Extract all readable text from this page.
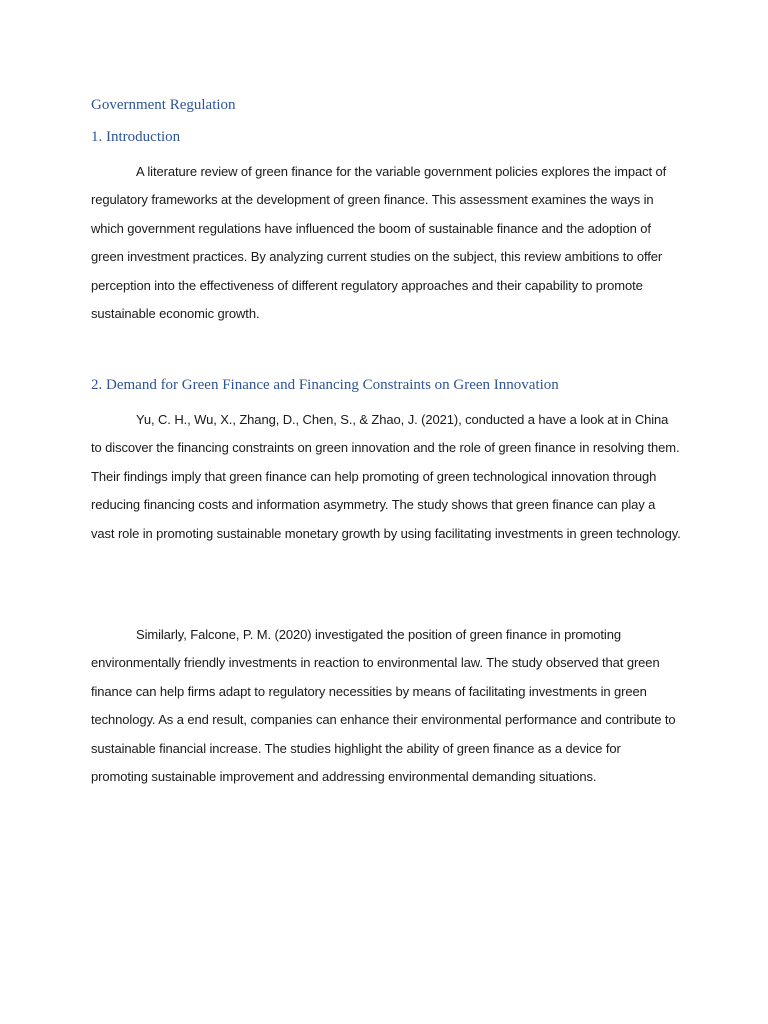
Government Regulation
1. Introduction

A literature review of green finance for the variable government policies explores the impact of regulatory frameworks at the development of green finance. This assessment examines the ways in which government regulations have influenced the boom of sustainable finance and the adoption of green investment practices. By analyzing current studies on the subject, this review ambitions to offer perception into the effectiveness of different regulatory approaches and their capability to promote sustainable economic growth.

2. Demand for Green Finance and Financing Constraints on Green Innovation

Yu, C. H., Wu, X., Zhang, D., Chen, S., & Zhao, J. (2021), conducted a have a look at in China to discover the financing constraints on green innovation and the role of green finance in resolving them. Their findings imply that green finance can help promoting of green technological innovation through reducing financing costs and information asymmetry. The study shows that green finance can play a vast role in promoting sustainable monetary growth by using facilitating investments in green technology.

Similarly, Falcone, P. M. (2020) investigated the position of green finance in promoting environmentally friendly investments in reaction to environmental law. The study observed that green finance can help firms adapt to regulatory necessities by means of facilitating investments in green technology. As a end result, companies can enhance their environmental performance and contribute to sustainable financial increase. The studies highlight the ability of green finance as a device for promoting sustainable improvement and addressing environmental demanding situations.
